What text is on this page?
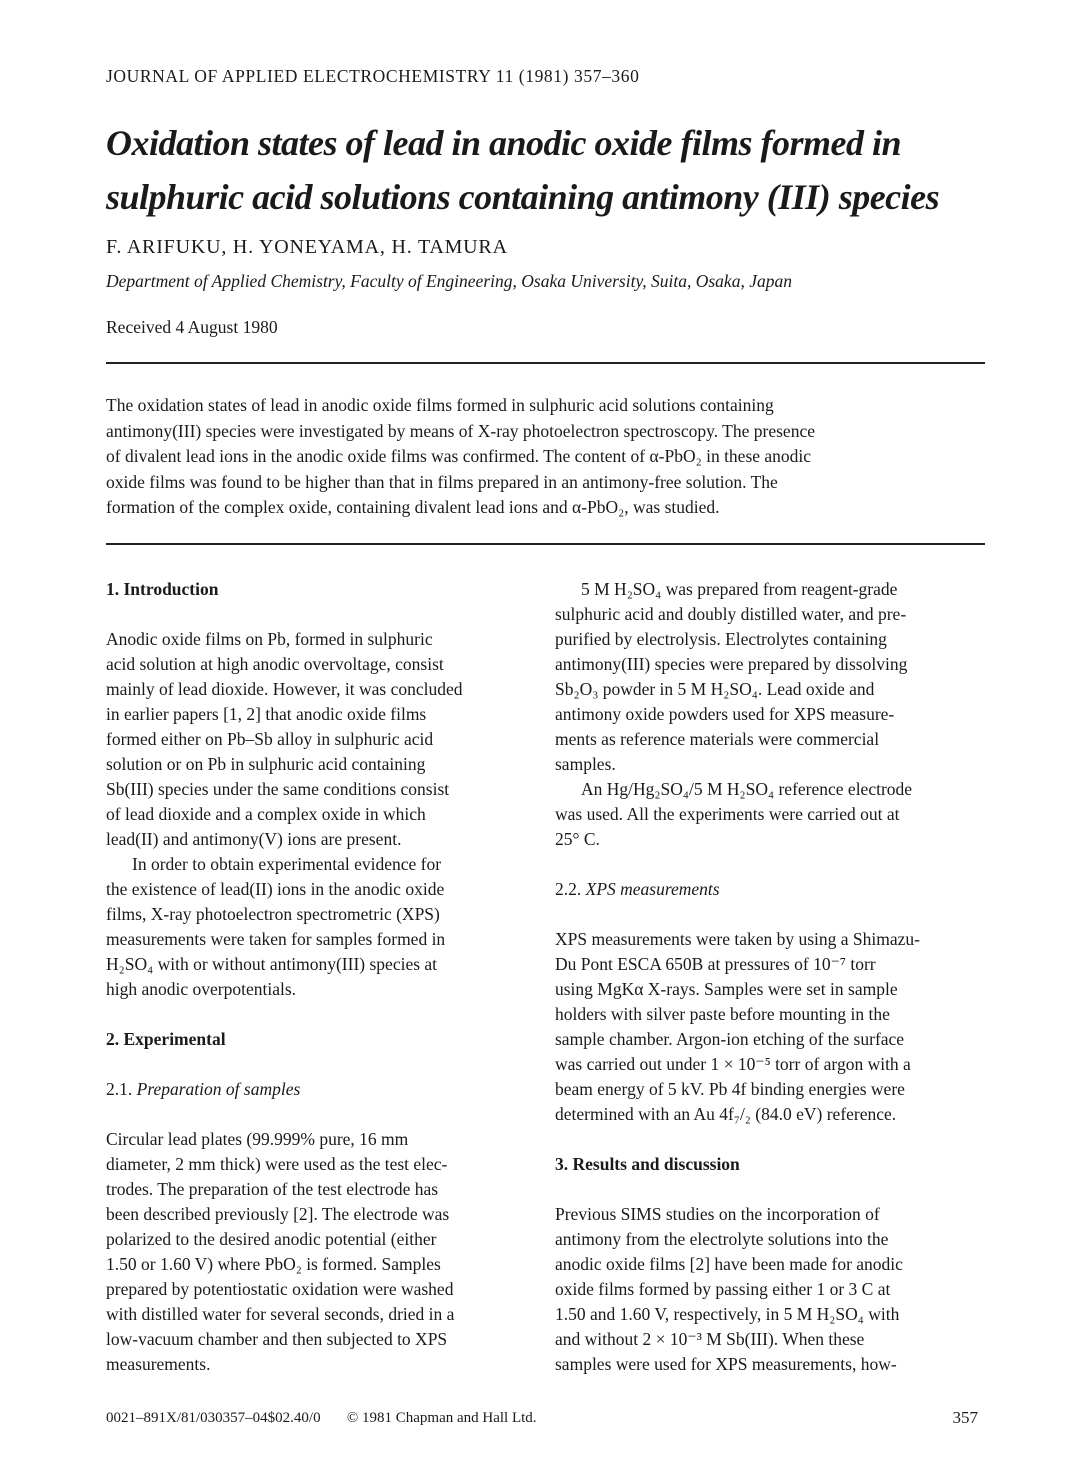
JOURNAL OF APPLIED ELECTROCHEMISTRY 11 (1981) 357–360
Oxidation states of lead in anodic oxide films formed in
sulphuric acid solutions containing antimony (III) species
F. ARIFUKU, H. YONEYAMA, H. TAMURA
Department of Applied Chemistry, Faculty of Engineering, Osaka University, Suita, Osaka, Japan
Received 4 August 1980
The oxidation states of lead in anodic oxide films formed in sulphuric acid solutions containing
antimony(III) species were investigated by means of X-ray photoelectron spectroscopy. The presence
of divalent lead ions in the anodic oxide films was confirmed. The content of α-PbO₂ in these anodic
oxide films was found to be higher than that in films prepared in an antimony-free solution. The
formation of the complex oxide, containing divalent lead ions and α-PbO₂, was studied.
1. Introduction
Anodic oxide films on Pb, formed in sulphuric
acid solution at high anodic overvoltage, consist
mainly of lead dioxide. However, it was concluded
in earlier papers [1, 2] that anodic oxide films
formed either on Pb–Sb alloy in sulphuric acid
solution or on Pb in sulphuric acid containing
Sb(III) species under the same conditions consist
of lead dioxide and a complex oxide in which
lead(II) and antimony(V) ions are present.
In order to obtain experimental evidence for
the existence of lead(II) ions in the anodic oxide
films, X-ray photoelectron spectrometric (XPS)
measurements were taken for samples formed in
H₂SO₄ with or without antimony(III) species at
high anodic overpotentials.
2. Experimental
2.1. Preparation of samples
Circular lead plates (99.999% pure, 16 mm
diameter, 2 mm thick) were used as the test elec-
trodes. The preparation of the test electrode has
been described previously [2]. The electrode was
polarized to the desired anodic potential (either
1.50 or 1.60 V) where PbO₂ is formed. Samples
prepared by potentiostatic oxidation were washed
with distilled water for several seconds, dried in a
low-vacuum chamber and then subjected to XPS
measurements.
5 M H₂SO₄ was prepared from reagent-grade
sulphuric acid and doubly distilled water, and pre-
purified by electrolysis. Electrolytes containing
antimony(III) species were prepared by dissolving
Sb₂O₃ powder in 5 M H₂SO₄. Lead oxide and
antimony oxide powders used for XPS measure-
ments as reference materials were commercial
samples.
An Hg/Hg₂SO₄/5 M H₂SO₄ reference electrode
was used. All the experiments were carried out at
25° C.
2.2. XPS measurements
XPS measurements were taken by using a Shimazu-
Du Pont ESCA 650B at pressures of 10⁻⁷ torr
using MgKα X-rays. Samples were set in sample
holders with silver paste before mounting in the
sample chamber. Argon-ion etching of the surface
was carried out under 1 × 10⁻⁵ torr of argon with a
beam energy of 5 kV. Pb 4f binding energies were
determined with an Au 4f₇/₂ (84.0 eV) reference.
3. Results and discussion
Previous SIMS studies on the incorporation of
antimony from the electrolyte solutions into the
anodic oxide films [2] have been made for anodic
oxide films formed by passing either 1 or 3 C at
1.50 and 1.60 V, respectively, in 5 M H₂SO₄ with
and without 2 × 10⁻³ M Sb(III). When these
samples were used for XPS measurements, how-
0021–891X/81/030357–04$02.40/0 © 1981 Chapman and Hall Ltd.	357
